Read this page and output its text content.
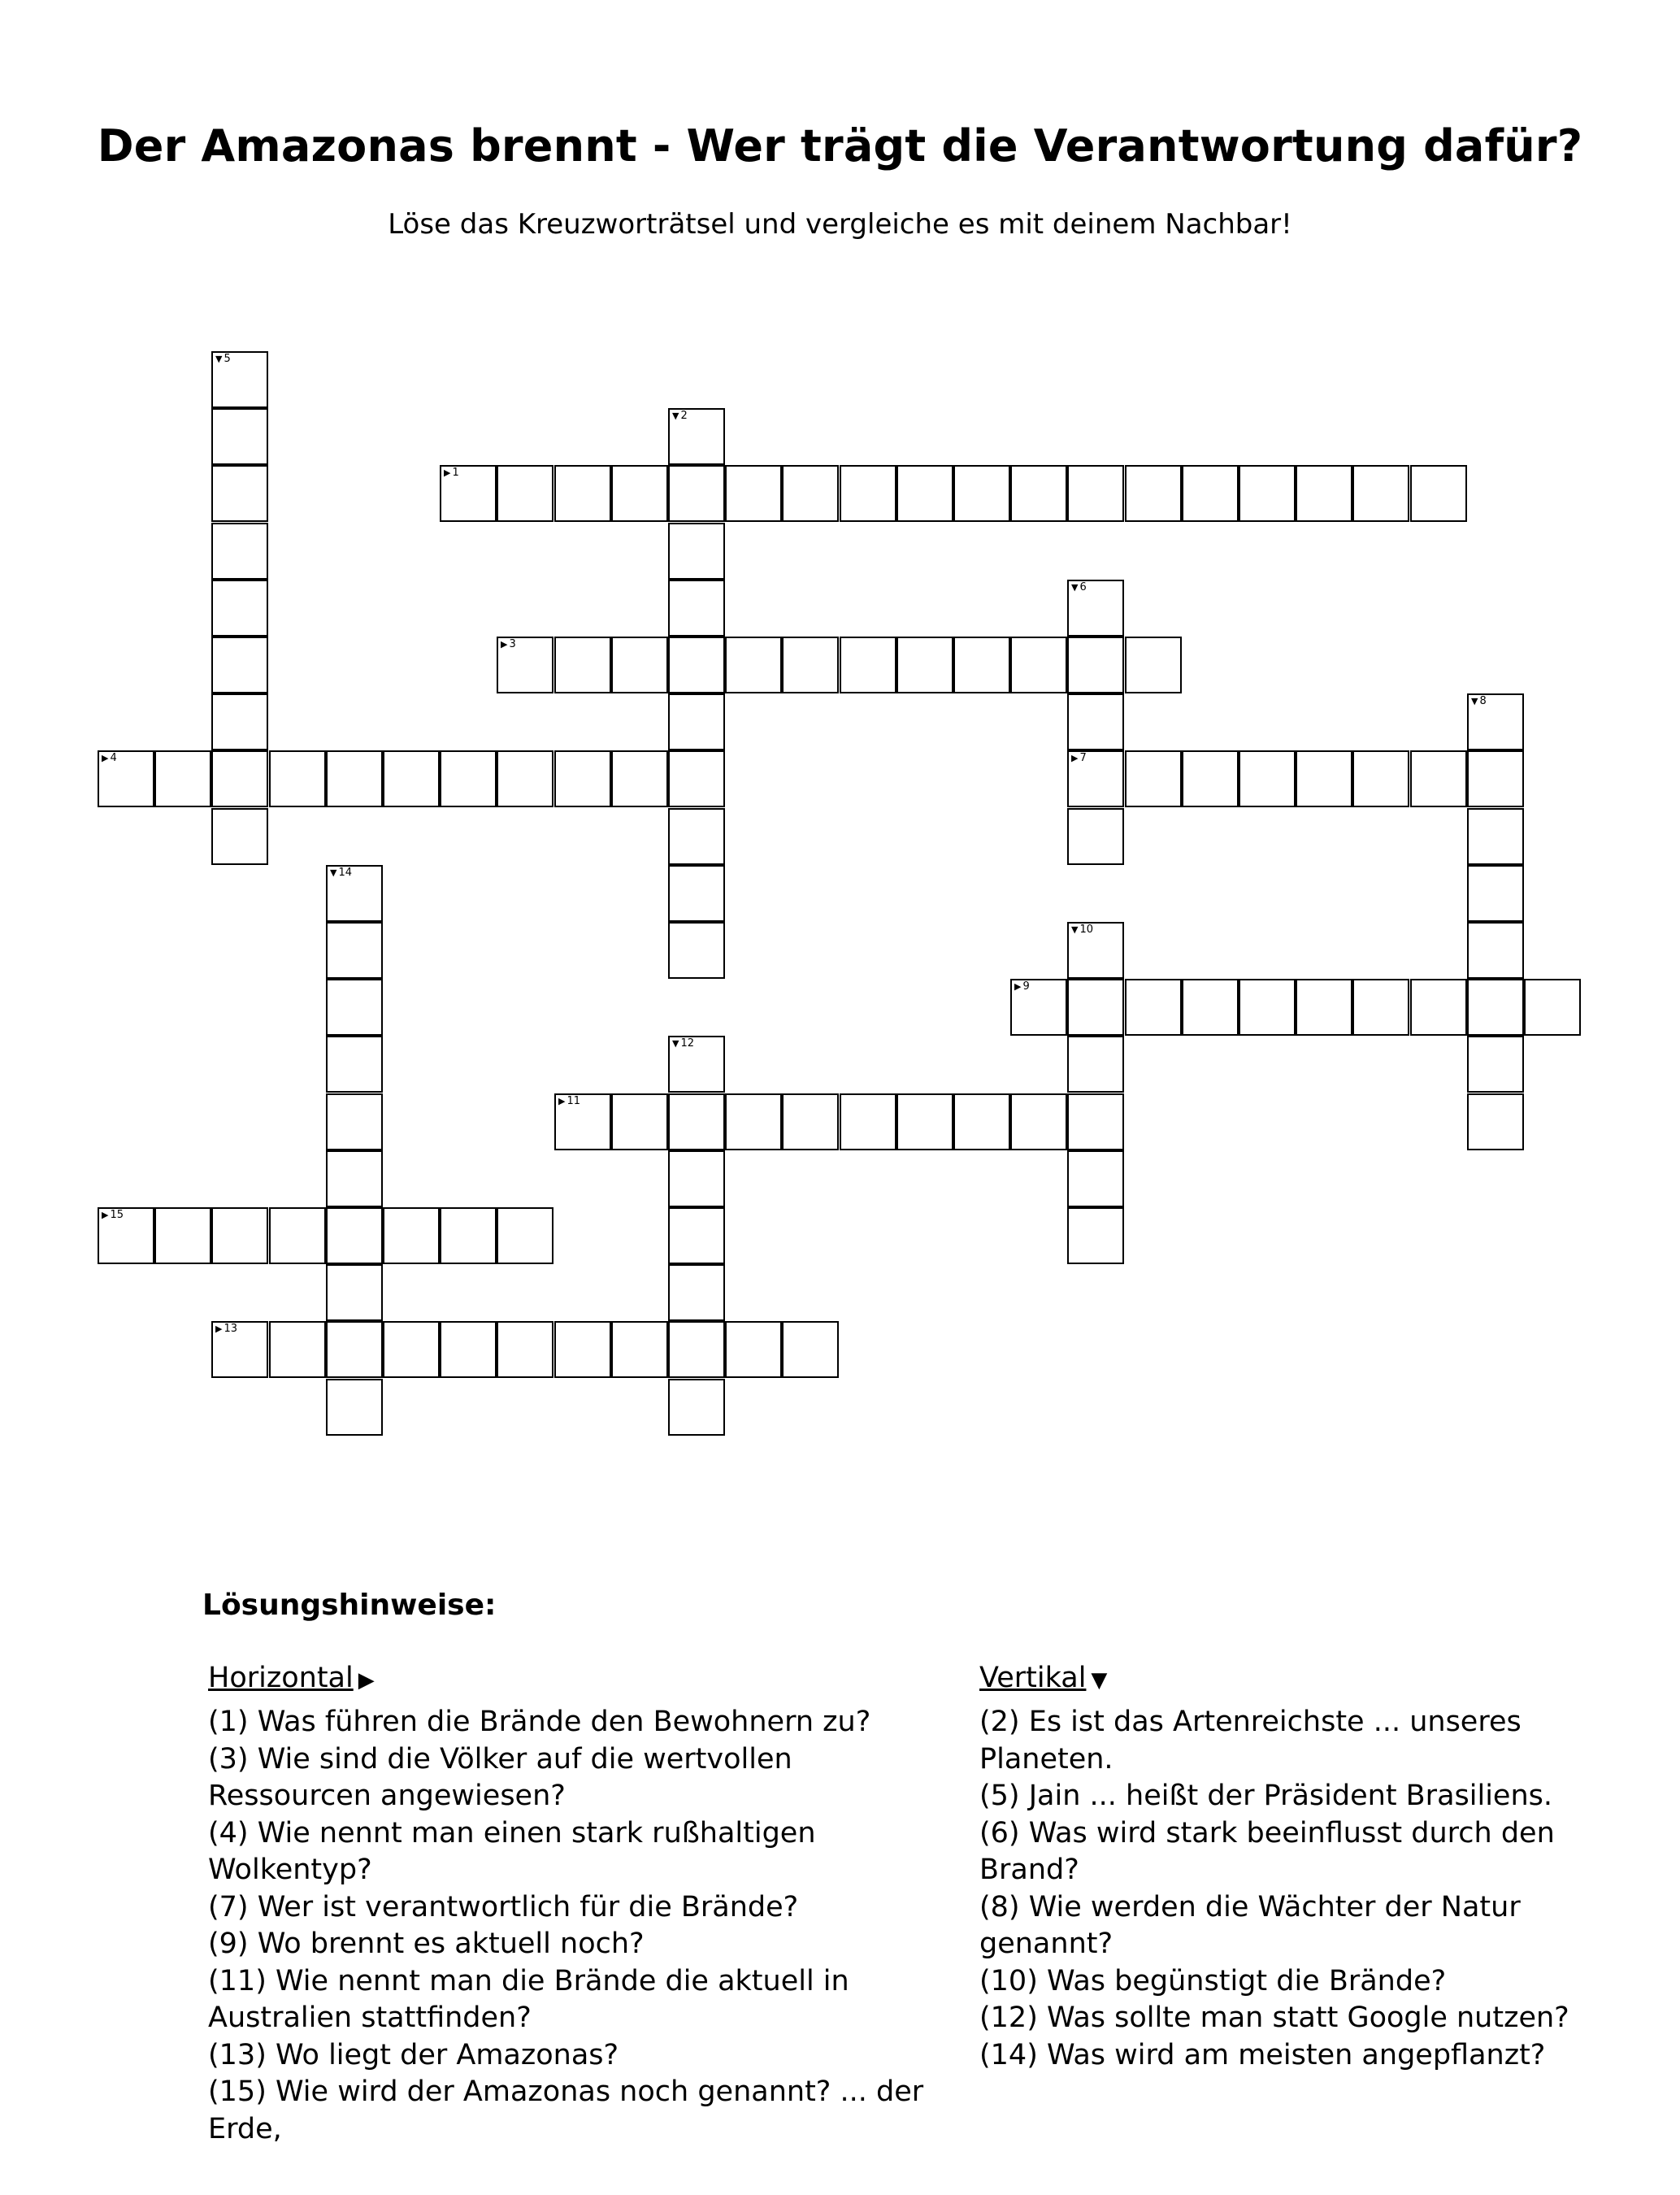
Der Amazonas brennt - Wer trägt die Verantwortung dafür?
Löse das Kreuzworträtsel und vergleiche es mit deinem Nachbar!
▶ 1
▼ 2
▶ 3
▶ 4
▼ 5
▼ 6
▶ 7
▼ 8
▶ 9
▼ 10
▶ 11
▼ 12
▶ 13
▼ 14
▶ 15
Lösungshinweise:
Horizontal ▶	Vertikal ▼

(1) Was führen die Brände den Bewohnern zu?

(3) Wie sind die Völker auf die wertvollen Ressourcen angewiesen?

(4) Wie nennt man einen stark rußhaltigen Wolkentyp?

(7) Wer ist verantwortlich für die Brände?

(9) Wo brennt es aktuell noch?

(11) Wie nennt man die Brände die aktuell in Australien stattfinden?

(13) Wo liegt der Amazonas?

(15) Wie wird der Amazonas noch genannt? ... der Erde,

(2) Es ist das Artenreichste ... unseres Planeten.

(5) Jain ... heißt der Präsident Brasiliens.

(6) Was wird stark beeinflusst durch den Brand?

(8) Wie werden die Wächter der Natur genannt?

(10) Was begünstigt die Brände?

(12) Was sollte man statt Google nutzen?

(14) Was wird am meisten angepflanzt?
